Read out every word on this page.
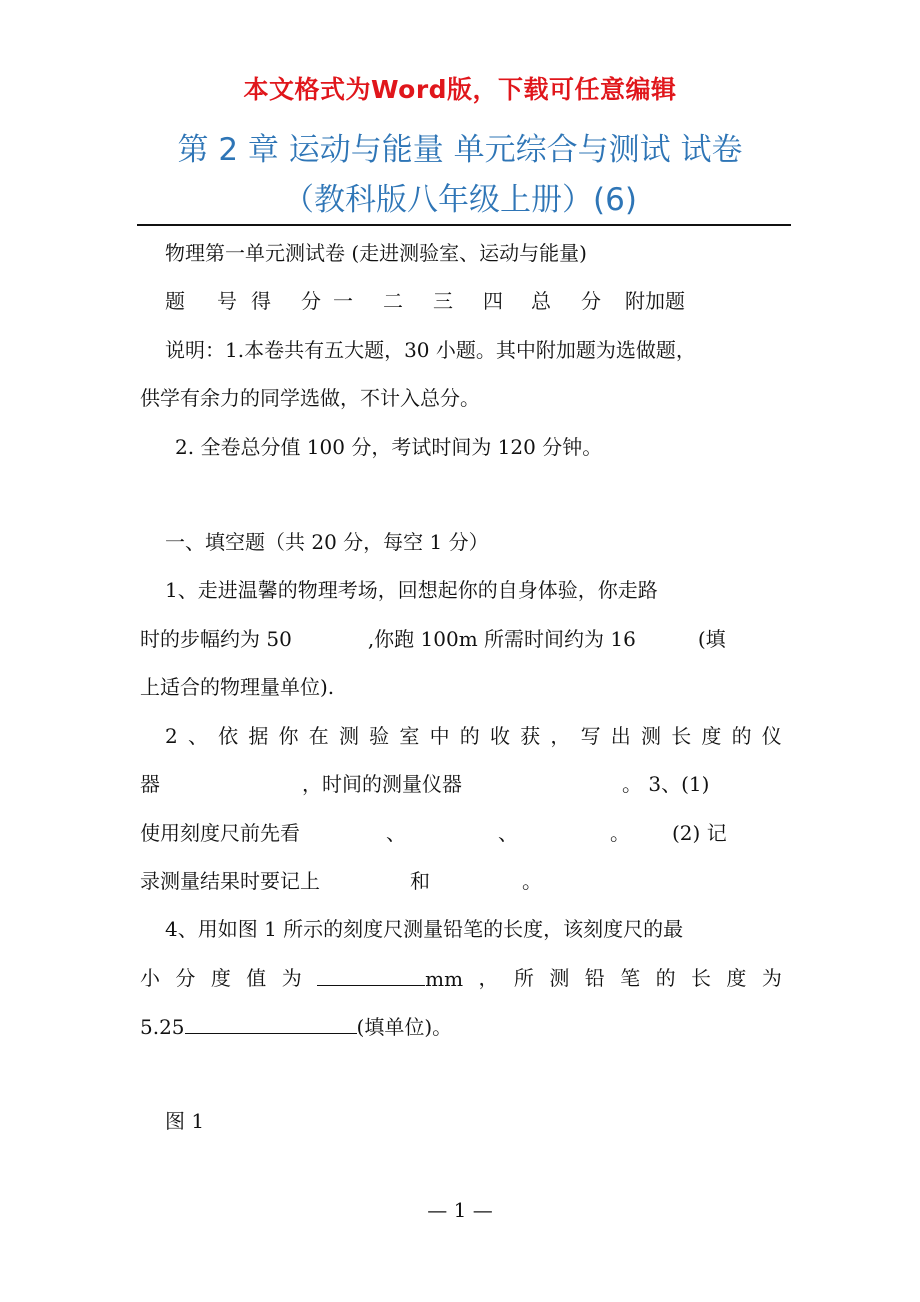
本文格式为Word版，下载可任意编辑
第 2 章 运动与能量 单元综合与测试 试卷
（教科版八年级上册）(6)
物理第一单元测试卷 (走进测验室、运动与能量)
题 号 得 分 一 二 三 四 总 分 附加题
说明：1.本卷共有五大题，30 小题。其中附加题为选做题，
供学有余力的同学选做，不计入总分。
2. 全卷总分值 100 分，考试时间为 120 分钟。
一、填空题（共 20 分，每空 1 分）
1、走进温馨的物理考场，回想起你的自身体验，你走路
时的步幅约为 50	,你跑 100m 所需时间约为 16	(填
上适合的物理量单位).
2 、 依 据 你 在 测 验 室 中 的 收 获 ， 写 出 测 长 度 的 仪
器	，时间的测量仪器	。 3、(1)
使用刻度尺前先看	、	、	。 (2) 记
录测量结果时要记上	和	。
4、用如图 1 所示的刻度尺测量铅笔的长度，该刻度尺的最
小 分 度 值 为	mm ， 所 测 铅 笔 的 长 度 为
5.25	(填单位)。
图 1
— 1 —
